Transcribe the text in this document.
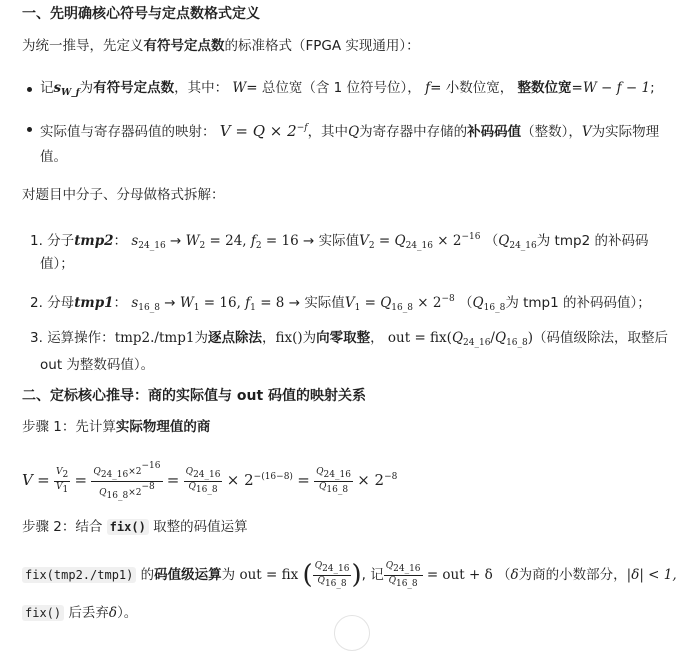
一、先明确核心符号与定点数格式定义
为统一推导，先定义有符号定点数的标准格式（FPGA 实现通用）：
记$s_{W\_f}$为有符号定点数，其中： W= 总位宽（含 1 位符号位）， f= 小数位宽， 整数位宽=W − f − 1;
实际值与寄存器码值的映射： $V = Q \times 2^{-f}$，其中Q为寄存器中存储的补码码值（整数），V为实际物理
值。
对题目中分子、分母做格式拆解：
1. 分子tmp2： $s_{24\_16} \to W_2 = 24$, $f_2 = 16$ → 实际值$V_2 = Q_{24\_16} \times 2^{-16}$ （$Q_{24\_16}$为 tmp2 的补码码
值）；
2. 分母tmp1： $s_{16\_8} \to W_1 = 16$, $f_1 = 8$ → 实际值$V_1 = Q_{16\_8} \times 2^{-8}$ （$Q_{16\_8}$为 tmp1 的补码码值）；
3. 运算操作：tmp2./tmp1为逐点除法，fix()为向零取整， out = $fix(Q_{24\_16}/Q_{16\_8})$（码值级除法，取整后
out 为整数码值）。
二、定标核心推导：商的实际值与 out 码值的映射关系
步骤 1：先计算实际物理值的商
$V = \frac{V_2}{V_1} = \frac{Q_{24\_16}\times 2^{-16}}{Q_{16\_8}\times 2^{-8}} = \frac{Q_{24\_16}}{Q_{16\_8}} \times 2^{-(16-8)} = \frac{Q_{24\_16}}{Q_{16\_8}} \times 2^{-8}$
步骤 2：结合 fix() 取整的码值运算
fix(tmp2./tmp1) 的码值级运算为 out = fix ( $\frac{Q_{24\_16}}{Q_{16\_8}}$ ), 记 $\frac{Q_{24\_16}}{Q_{16\_8}}$ = out + δ （δ为商的小数部分，|δ| < 1,
fix() 后丢弃δ）。
